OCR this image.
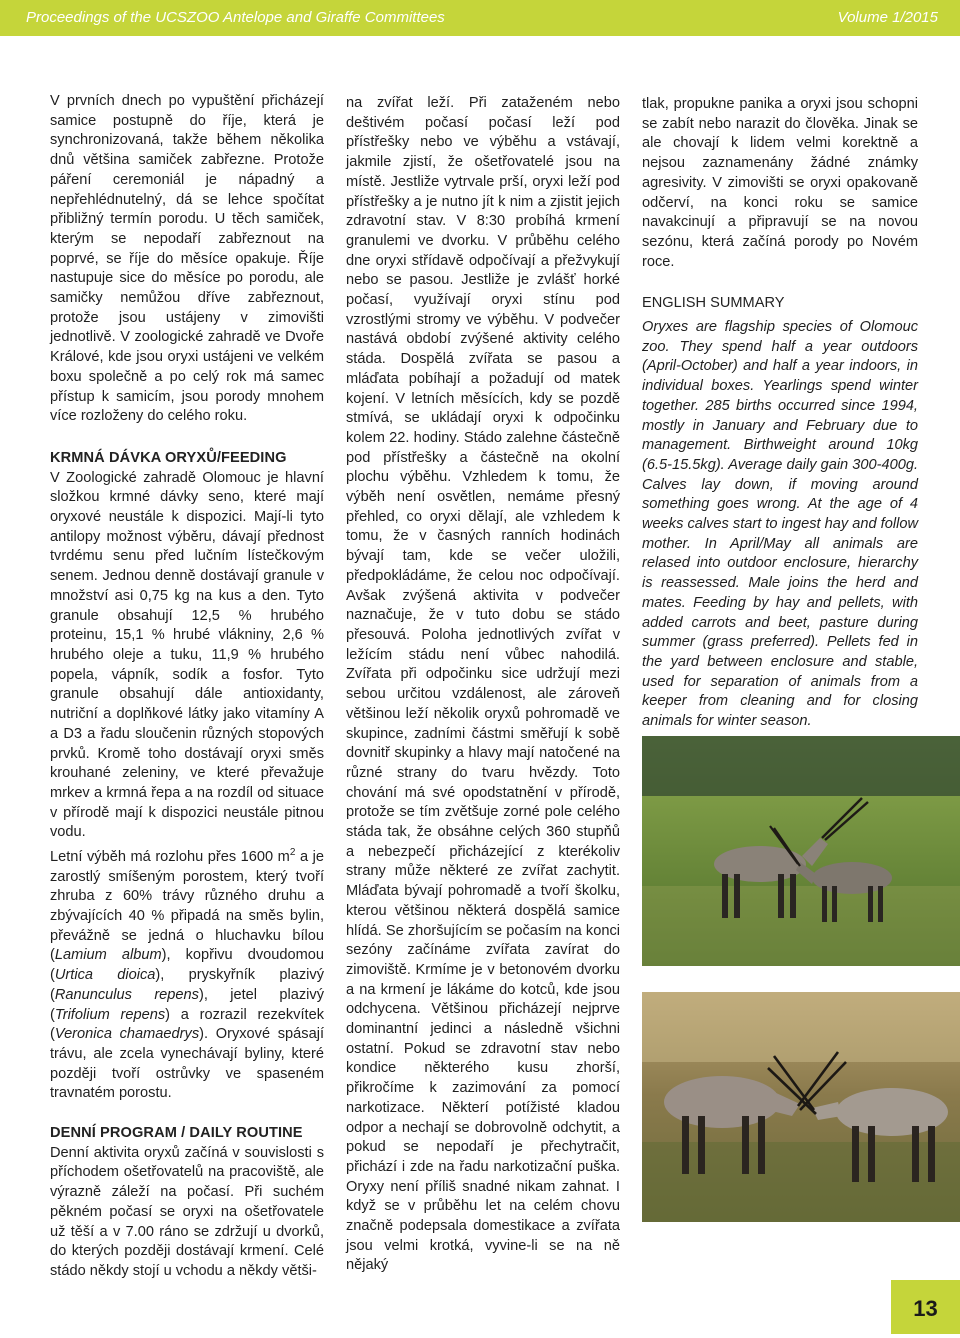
Proceedings of the UCSZOO Antelope and Giraffe Committees	Volume 1/2015

V prvních dnech po vypuštění přicházejí samice postupně do říje, která je synchronizovaná, takže během několika dnů většina samiček zabřezne. Protože páření ceremoniál je nápadný a nepřehlédnutelný, dá se lehce spočítat přibližný termín porodu. U těch samiček, kterým se nepodaří zabřeznout na poprvé, se říje do měsíce opakuje. Říje nastupuje sice do měsíce po porodu, ale samičky nemůžou dříve zabřeznout, protože jsou ustájeny v zimovišti jednotlivě. V zoologické zahradě ve Dvoře Králové, kde jsou oryxi ustájeni ve velkém boxu společně a po celý rok má samec přístup k samicím, jsou porody mnohem více rozloženy do celého roku.

KRMNÁ DÁVKA ORYXŮ/FEEDING

V Zoologické zahradě Olomouc je hlavní složkou krmné dávky seno, které mají oryxové neustále k dispozici. Mají-li tyto antilopy možnost výběru, dávají přednost tvrdému senu před lučním lístečkovým senem. Jednou denně dostávají granule v množství asi 0,75 kg na kus a den. Tyto granule obsahují 12,5 % hrubého proteinu, 15,1 % hrubé vlákniny, 2,6 % hrubého oleje a tuku, 11,9 % hrubého popela, vápník, sodík a fosfor. Tyto granule obsahují dále antioxidanty, nutriční a doplňkové látky jako vitamíny A a D3 a řadu sloučenin různých stopových prvků. Kromě toho dostávají oryxi směs krouhané zeleniny, ve které převažuje mrkev a krmná řepa a na rozdíl od situace v přírodě mají k dispozici neustále pitnou vodu.

Letní výběh má rozlohu přes 1600 $m^2$ a je zarostlý smíšeným porostem, který tvoří zhruba z 60% trávy různého druhu a zbývajících 40 % připadá na směs bylin, převážně se jedná o hluchavku bílou (Lamium album), kopřivu dvoudomou (Urtica dioica), pryskyřník plazivý (Ranunculus repens), jetel plazivý (Trifolium repens) a rozrazil rezekvítek (Veronica chamaedrys). Oryxové spásají trávu, ale zcela vynechávají byliny, které později tvoří ostrůvky ve spaseném travnatém porostu.

DENNÍ PROGRAM / DAILY ROUTINE

Denní aktivita oryxů začíná v souvislosti s příchodem ošetřovatelů na pracoviště, ale výrazně záleží na počasí. Při suchém pěkném počasí se oryxi na ošetřovatele už těší a v 7.00 ráno se zdržují u dvorků, do kterých později dostávají krmení. Celé stádo někdy stojí u vchodu a někdy větši-

na zvířat leží. Při zataženém nebo deštivém počasí počasí leží pod přístřešky nebo ve výběhu a vstávají, jakmile zjistí, že ošetřovatelé jsou na místě. Jestliže vytrvale prší, oryxi leží pod přístřešky a je nutno jít k nim a zjistit jejich zdravotní stav. V 8:30 probíhá krmení granulemi ve dvorku. V průběhu celého dne oryxi střídavě odpočívají a přežvykují nebo se pasou. Jestliže je zvlášť horké počasí, využívají oryxi stínu pod vzrostlými stromy ve výběhu. V podvečer nastává období zvýšené aktivity celého stáda. Dospělá zvířata se pasou a mláďata pobíhají a požadují od matek kojení. V letních měsících, kdy se pozdě stmívá, se ukládají oryxi k odpočinku kolem 22. hodiny. Stádo zalehne částečně pod přístřešky a částečně na okolní plochu výběhu. Vzhledem k tomu, že výběh není osvětlen, nemáme přesný přehled, co oryxi dělají, ale vzhledem k tomu, že v časných ranních hodinách bývají tam, kde se večer uložili, předpokládáme, že celou noc odpočívají. Avšak zvýšená aktivita v podvečer naznačuje, že v tuto dobu se stádo přesouvá. Poloha jednotlivých zvířat v ležícím stádu není vůbec nahodilá. Zvířata při odpočinku sice udržují mezi sebou určitou vzdálenost, ale zároveň většinou leží několik oryxů pohromadě ve skupince, zadními částmi směřují k sobě dovnitř skupinky a hlavy mají natočené na různé strany do tvaru hvězdy. Toto chování má své opodstatnění v přírodě, protože se tím zvětšuje zorné pole celého stáda tak, že obsáhne celých 360 stupňů a nebezpečí přicházející z kterékoliv strany může některé ze zvířat zachytit. Mláďata bývají pohromadě a tvoří školku, kterou většinou některá dospělá samice hlídá. Se zhoršujícím se počasím na konci sezóny začínáme zvířata zavírat do zimoviště. Krmíme je v betonovém dvorku a na krmení je lákáme do kotců, kde jsou odchycena. Většinou přicházejí nejprve dominantní jedinci a následně všichni ostatní. Pokud se zdravotní stav nebo kondice některého kusu zhorší, přikročíme k zazimování za pomocí narkotizace. Některí potížisté kladou odpor a nechají se dobrovolně odchytit, a pokud se nepodaří je přechytračit, přichází i zde na řadu narkotizační puška. Oryxy není příliš snadné nikam zahnat. I když se v průběhu let na celém chovu značně podepsala domestikace a zvířata jsou velmi krotká, vyvine-li se na ně nějaký

tlak, propukne panika a oryxi jsou schopni se zabít nebo narazit do člověka. Jinak se ale chovají k lidem velmi korektně a nejsou zaznamenány žádné známky agresivity. V zimovišti se oryxi opakovaně odčerví, na konci roku se samice navakcinují a připravují se na novou sezónu, která začíná porody po Novém roce.

ENGLISH SUMMARY

Oryxes are flagship species of Olomouc zoo. They spend half a year outdoors (April-October) and half a year indoors, in individual boxes. Yearlings spend winter together. 285 births occurred since 1994, mostly in January and February due to management. Birthweight around 10kg (6.5-15.5kg). Average daily gain 300-400g. Calves lay down, if moving around something goes wrong. At the age of 4 weeks calves start to ingest hay and follow mother. In April/May all animals are relased into outdoor enclosure, hierarchy is reassessed. Male joins the herd and mates. Feeding by hay and pellets, with added carrots and beet, pasture during summer (grass preferred). Pellets fed in the yard between enclosure and stable, used for separation of animals from a keeper from cleaning and for closing animals for winter season.

13
